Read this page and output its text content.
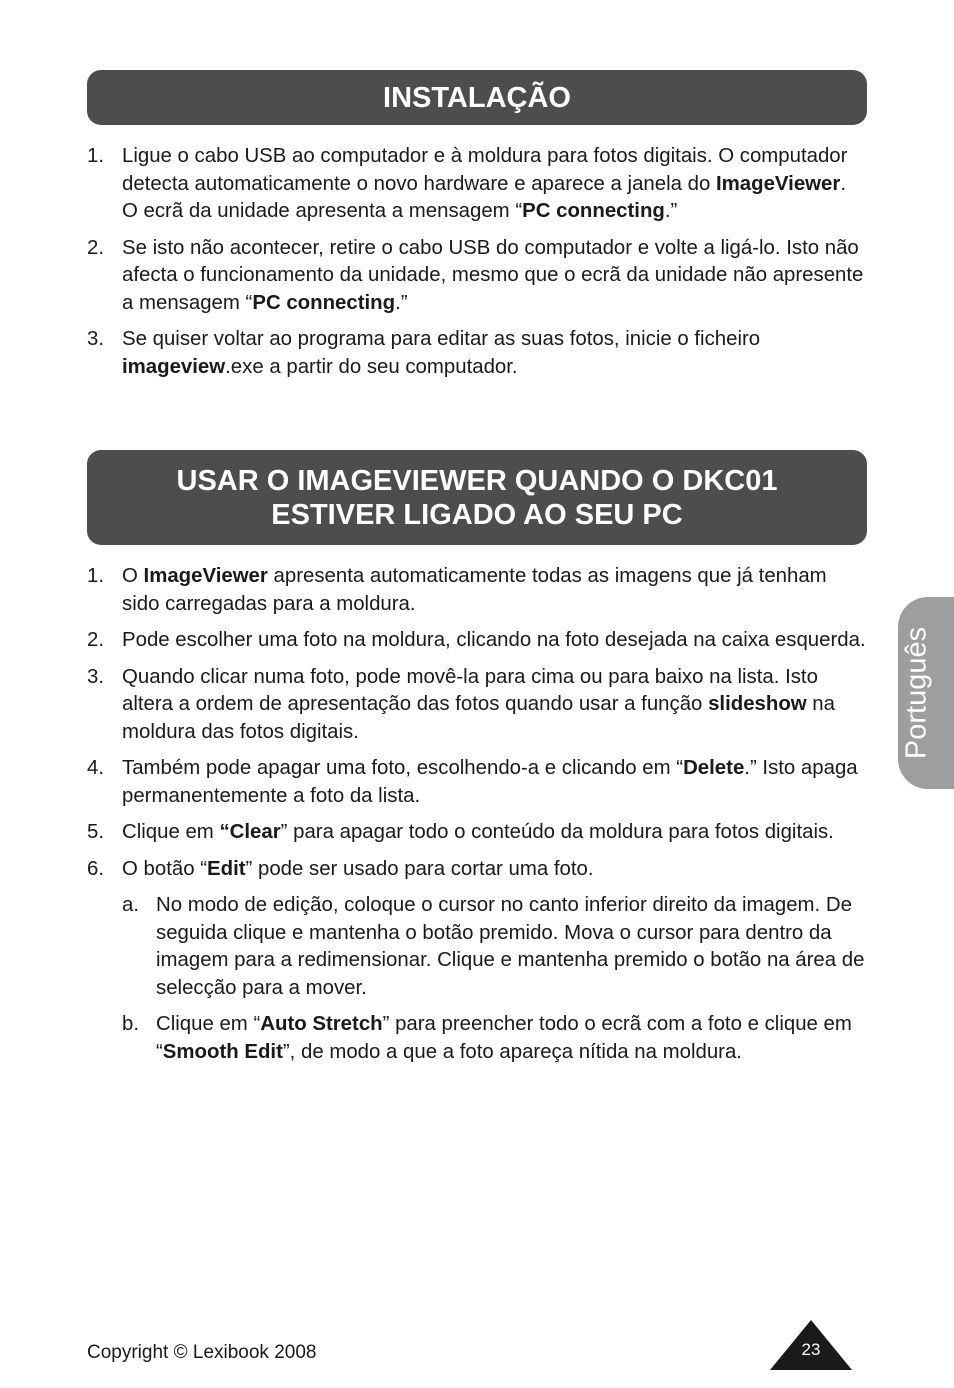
INSTALAÇÃO
1. Ligue o cabo USB ao computador e à moldura para fotos digitais. O computador detecta automaticamente o novo hardware e aparece a janela do ImageViewer. O ecrã da unidade apresenta a mensagem “PC connecting.”
2. Se isto não acontecer, retire o cabo USB do computador e volte a ligá-lo. Isto não afecta o funcionamento da unidade, mesmo que o ecrã da unidade não apresente a mensagem “PC connecting.”
3. Se quiser voltar ao programa para editar as suas fotos, inicie o ficheiro imageview.exe a partir do seu computador.
USAR O IMAGEVIEWER QUANDO O DKC01
ESTIVER LIGADO AO SEU PC
1. O ImageViewer apresenta automaticamente todas as imagens que já tenham sido carregadas para a moldura.
2. Pode escolher uma foto na moldura, clicando na foto desejada na caixa esquerda.
3. Quando clicar numa foto, pode movê-la para cima ou para baixo na lista. Isto altera a ordem de apresentação das fotos quando usar a função slideshow na moldura das fotos digitais.
4. Também pode apagar uma foto, escolhendo-a e clicando em “Delete.” Isto apaga permanentemente a foto da lista.
5. Clique em “Clear” para apagar todo o conteúdo da moldura para fotos digitais.
6. O botão “Edit” pode ser usado para cortar uma foto.
a. No modo de edição, coloque o cursor no canto inferior direito da imagem. De seguida clique e mantenha o botão premido. Mova o cursor para dentro da imagem para a redimensionar. Clique e mantenha premido o botão na área de selecção para a mover.
b. Clique em “Auto Stretch” para preencher todo o ecrã com a foto e clique em “Smooth Edit”, de modo a que a foto apareça nítida na moldura.
Português
Copyright © Lexibook 2008	23
